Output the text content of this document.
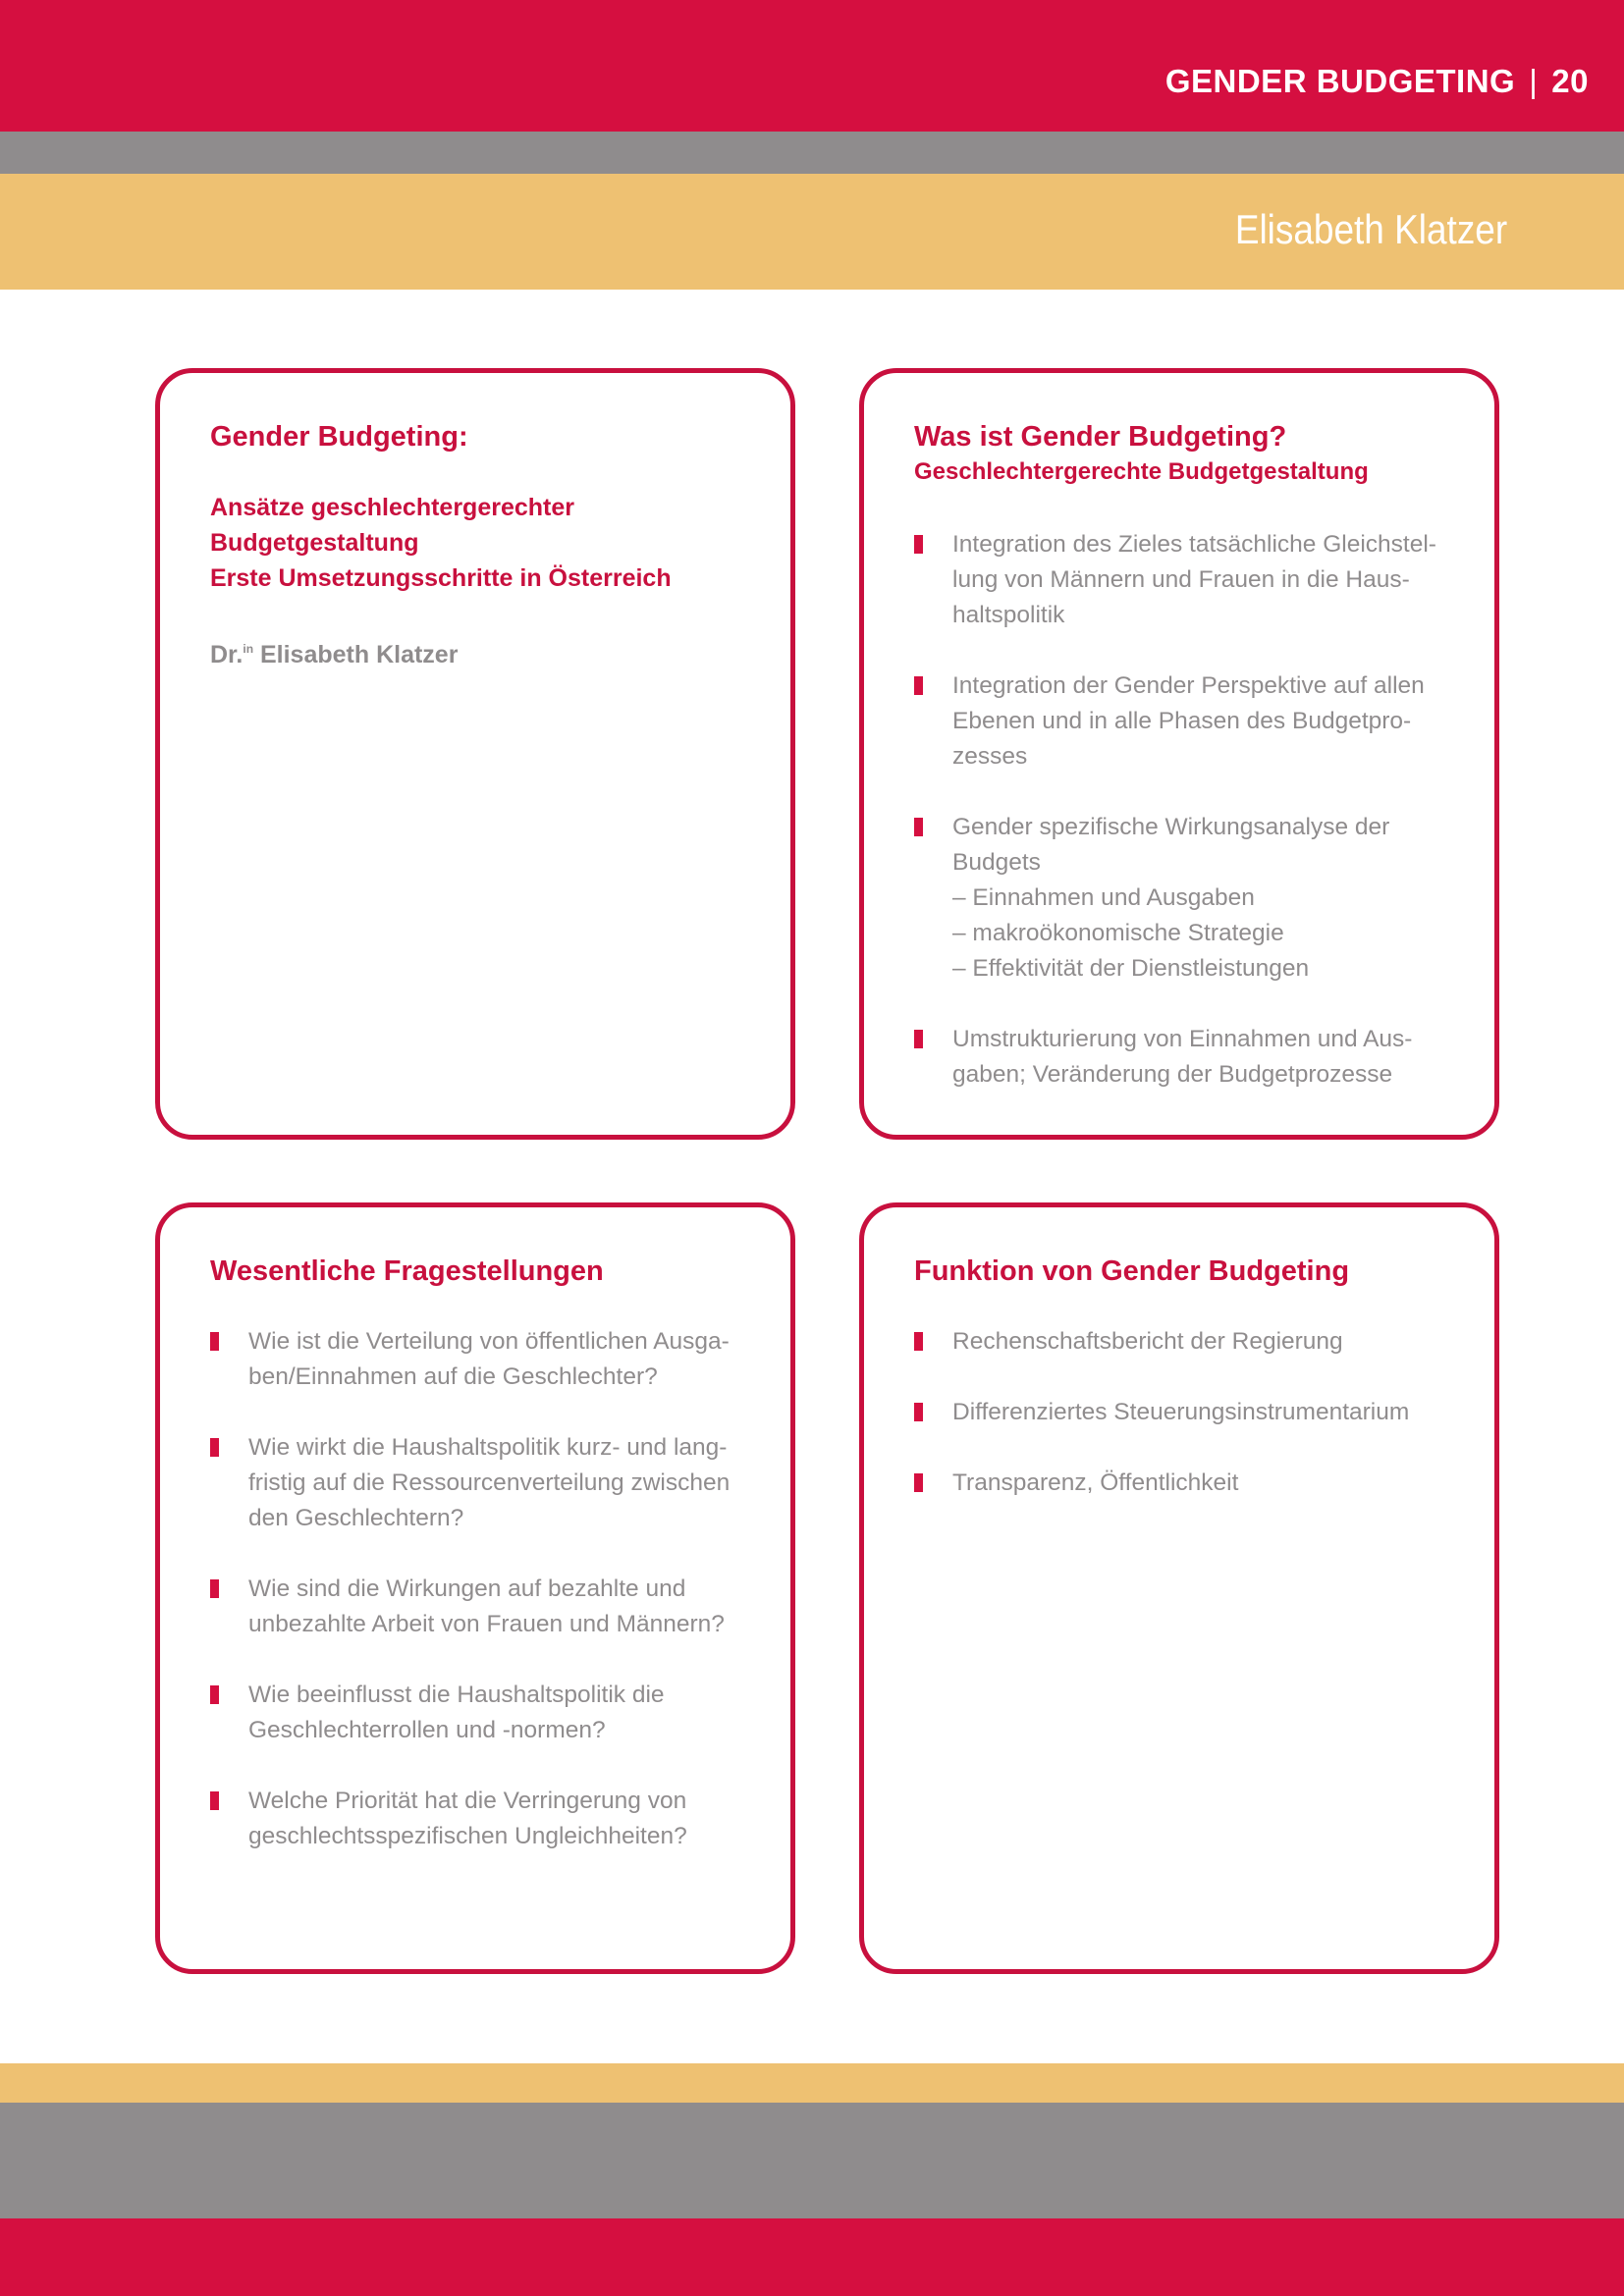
GENDER BUDGETING | 20
Elisabeth Klatzer
Gender Budgeting:
Ansätze geschlechtergerechter
Budgetgestaltung
Erste Umsetzungsschritte in Österreich
Dr.$^{in}$ Elisabeth Klatzer
Was ist Gender Budgeting?
Geschlechtergerechte Budgetgestaltung
Integration des Zieles tatsächliche Gleichstel-
lung von Männern und Frauen in die Haus-
haltspolitik
Integration der Gender Perspektive auf allen
Ebenen und in alle Phasen des Budgetpro-
zesses
Gender spezifische Wirkungsanalyse der
Budgets
– Einnahmen und Ausgaben
– makroökonomische Strategie
– Effektivität der Dienstleistungen
Umstrukturierung von Einnahmen und Aus-
gaben; Veränderung der Budgetprozesse
Wesentliche Fragestellungen
Wie ist die Verteilung von öffentlichen Ausga-
ben/Einnahmen auf die Geschlechter?
Wie wirkt die Haushaltspolitik kurz- und lang-
fristig auf die Ressourcenverteilung zwischen
den Geschlechtern?
Wie sind die Wirkungen auf bezahlte und
unbezahlte Arbeit von Frauen und Männern?
Wie beeinflusst die Haushaltspolitik die
Geschlechterrollen und -normen?
Welche Priorität hat die Verringerung von
geschlechtsspezifischen Ungleichheiten?
Funktion von Gender Budgeting
Rechenschaftsbericht der Regierung
Differenziertes Steuerungsinstrumentarium
Transparenz, Öffentlichkeit
